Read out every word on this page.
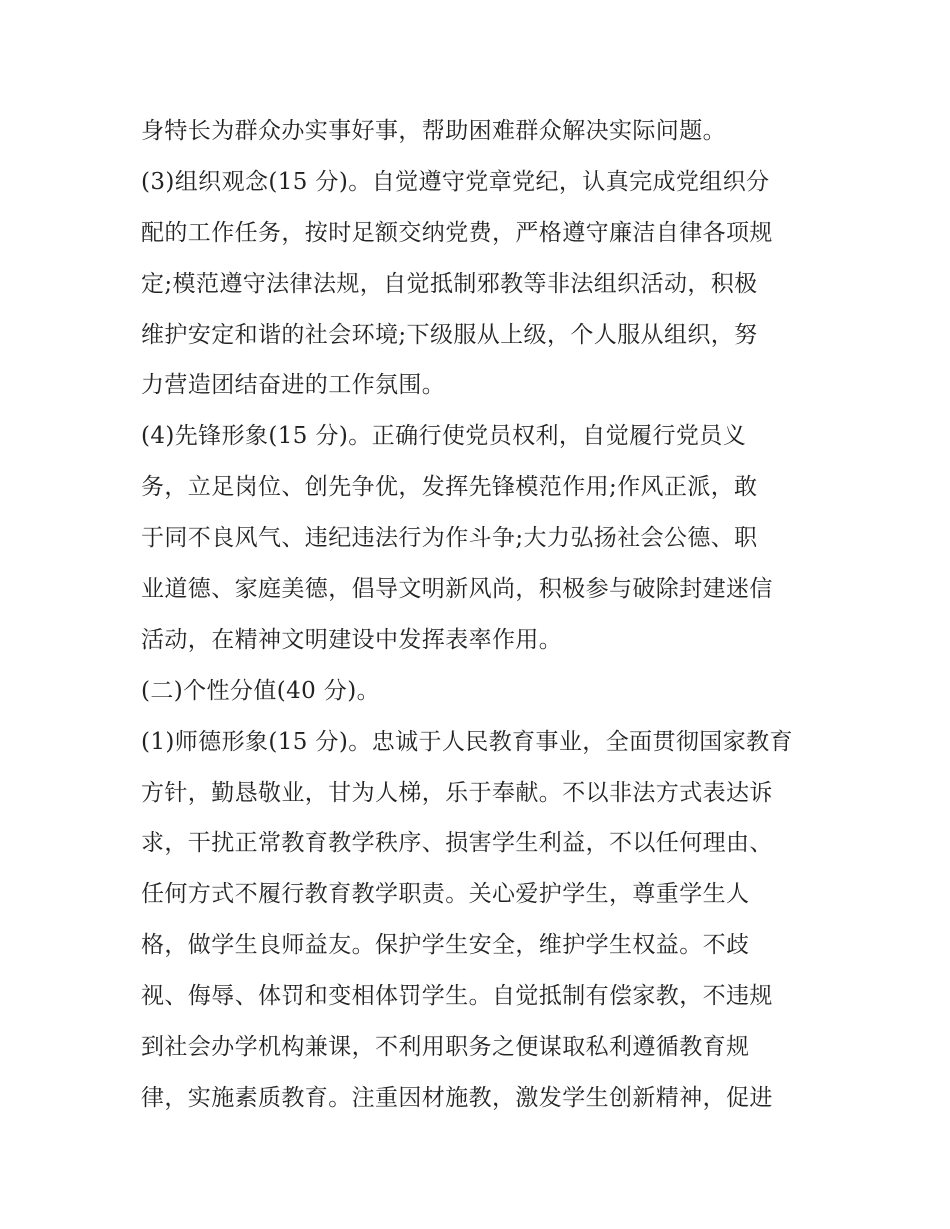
身特长为群众办实事好事，帮助困难群众解决实际问题。
(3)组织观念(15 分)。自觉遵守党章党纪，认真完成党组织分
配的工作任务，按时足额交纳党费，严格遵守廉洁自律各项规
定;模范遵守法律法规，自觉抵制邪教等非法组织活动，积极
维护安定和谐的社会环境;下级服从上级，个人服从组织，努
力营造团结奋进的工作氛围。
(4)先锋形象(15 分)。正确行使党员权利，自觉履行党员义
务，立足岗位、创先争优，发挥先锋模范作用;作风正派，敢
于同不良风气、违纪违法行为作斗争;大力弘扬社会公德、职
业道德、家庭美德，倡导文明新风尚，积极参与破除封建迷信
活动，在精神文明建设中发挥表率作用。
(二)个性分值(40 分)。
(1)师德形象(15 分)。忠诚于人民教育事业，全面贯彻国家教育
方针，勤恳敬业，甘为人梯，乐于奉献。不以非法方式表达诉
求，干扰正常教育教学秩序、损害学生利益，不以任何理由、
任何方式不履行教育教学职责。关心爱护学生，尊重学生人
格，做学生良师益友。保护学生安全，维护学生权益。不歧
视、侮辱、体罚和变相体罚学生。自觉抵制有偿家教，不违规
到社会办学机构兼课，不利用职务之便谋取私利遵循教育规
律，实施素质教育。注重因材施教，激发学生创新精神，促进
